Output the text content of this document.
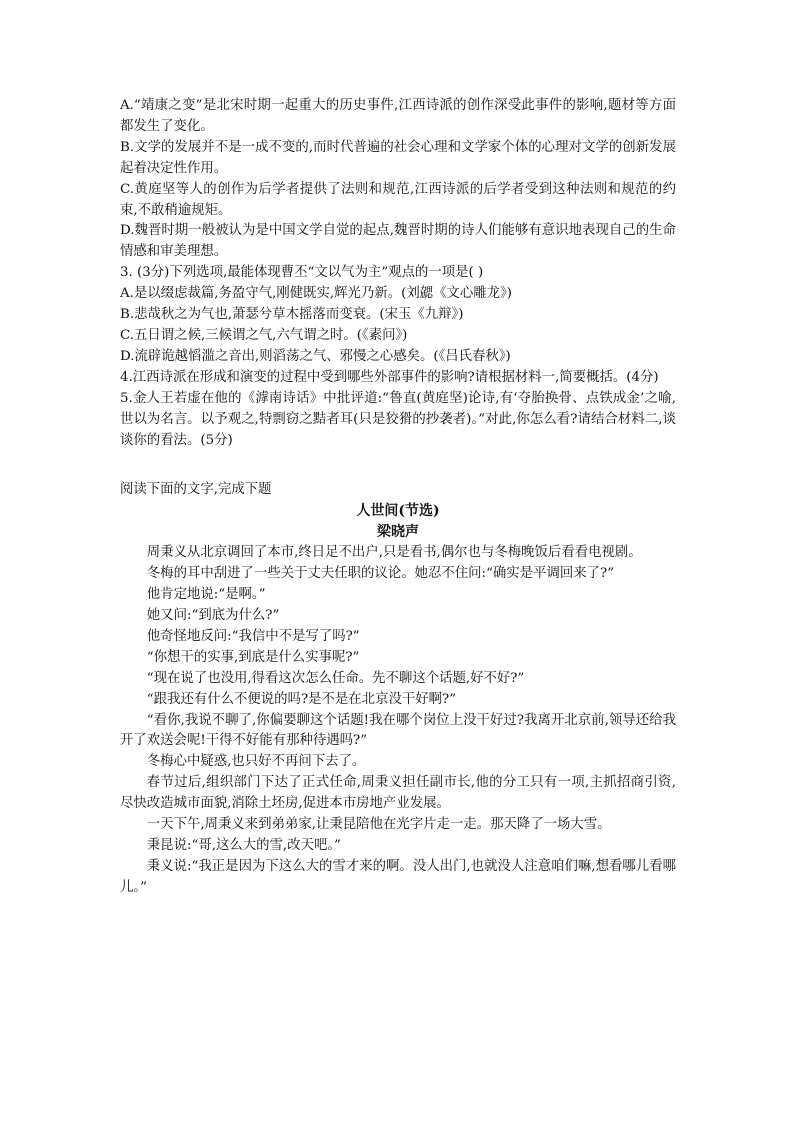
A.“靖康之变”是北宋时期一起重大的历史事件,江西诗派的创作深受此事件的影响,题材等方面都发生了变化。

B.文学的发展并不是一成不变的,而时代普遍的社会心理和文学家个体的心理对文学的创新发展起着决定性作用。

C.黄庭坚等人的创作为后学者提供了法则和规范,江西诗派的后学者受到这种法则和规范的约束,不敢稍逾规矩。

D.魏晋时期一般被认为是中国文学自觉的起点,魏晋时期的诗人们能够有意识地表现自己的生命情感和审美理想。

3. (3分)下列选项,最能体现曹丕“文以气为主”观点的一项是( )

A.是以缀虑裁篇,务盈守气,刚健既实,辉光乃新。(刘勰《文心雕龙》)

B.悲哉秋之为气也,萧瑟兮草木摇落而变衰。(宋玉《九辩》)

C.五日谓之候,三候谓之气,六气谓之时。(《素问》)

D.流辟诡越慆滥之音出,则滔荡之气、邪慢之心感矣。(《吕氏春秋》)

4.江西诗派在形成和演变的过程中受到哪些外部事件的影响?请根据材料一,简要概括。(4分)

5.金人王若虚在他的《滹南诗话》中批评道:“鲁直(黄庭坚)论诗,有‘夺胎换骨、点铁成金’之喻,世以为名言。以予观之,特剽窃之黠者耳(只是狡猾的抄袭者)。”对此,你怎么看?请结合材料二,谈谈你的看法。(5分)

阅读下面的文字,完成下题

人世间(节选)

梁晓声

周秉义从北京调回了本市,终日足不出户,只是看书,偶尔也与冬梅晚饭后看看电视剧。

冬梅的耳中刮进了一些关于丈夫任职的议论。她忍不住问:“确实是平调回来了?”

他肯定地说:“是啊。”

她又问:“到底为什么?”

他奇怪地反问:“我信中不是写了吗?”

“你想干的实事,到底是什么实事呢?”

“现在说了也没用,得看这次怎么任命。先不聊这个话题,好不好?”

“跟我还有什么不便说的吗?是不是在北京没干好啊?”

“看你,我说不聊了,你偏要聊这个话题!我在哪个岗位上没干好过?我离开北京前,领导还给我开了欢送会呢!干得不好能有那种待遇吗?”

冬梅心中疑惑,也只好不再问下去了。

春节过后,组织部门下达了正式任命,周秉义担任副市长,他的分工只有一项,主抓招商引资,尽快改造城市面貌,消除土坯房,促进本市房地产业发展。

一天下午,周秉义来到弟弟家,让秉昆陪他在光字片走一走。那天降了一场大雪。

秉昆说:“哥,这么大的雪,改天吧。”

秉义说:“我正是因为下这么大的雪才来的啊。没人出门,也就没人注意咱们嘛,想看哪儿看哪儿。”
